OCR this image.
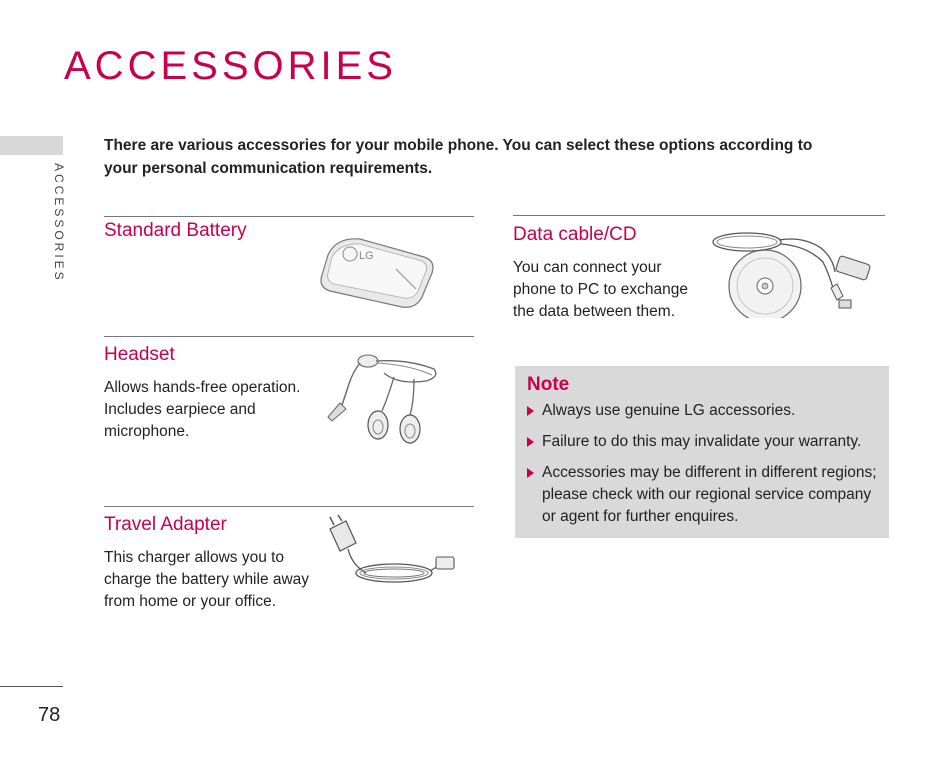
ACCESSORIES
ACCESSORIES
There are various accessories for your mobile phone. You can select these options according to your personal communication requirements.
Standard Battery
LG
Headset
Allows hands-free operation. Includes earpiece and microphone.
Travel Adapter
This charger allows you to charge the battery while away from home or your office.
Data cable/CD
You can connect your phone to PC to exchange the data between them.
Note
Always use genuine LG accessories.
Failure to do this may invalidate your warranty.
Accessories may be different in different regions; please check with our regional service company or agent for further enquires.
78
